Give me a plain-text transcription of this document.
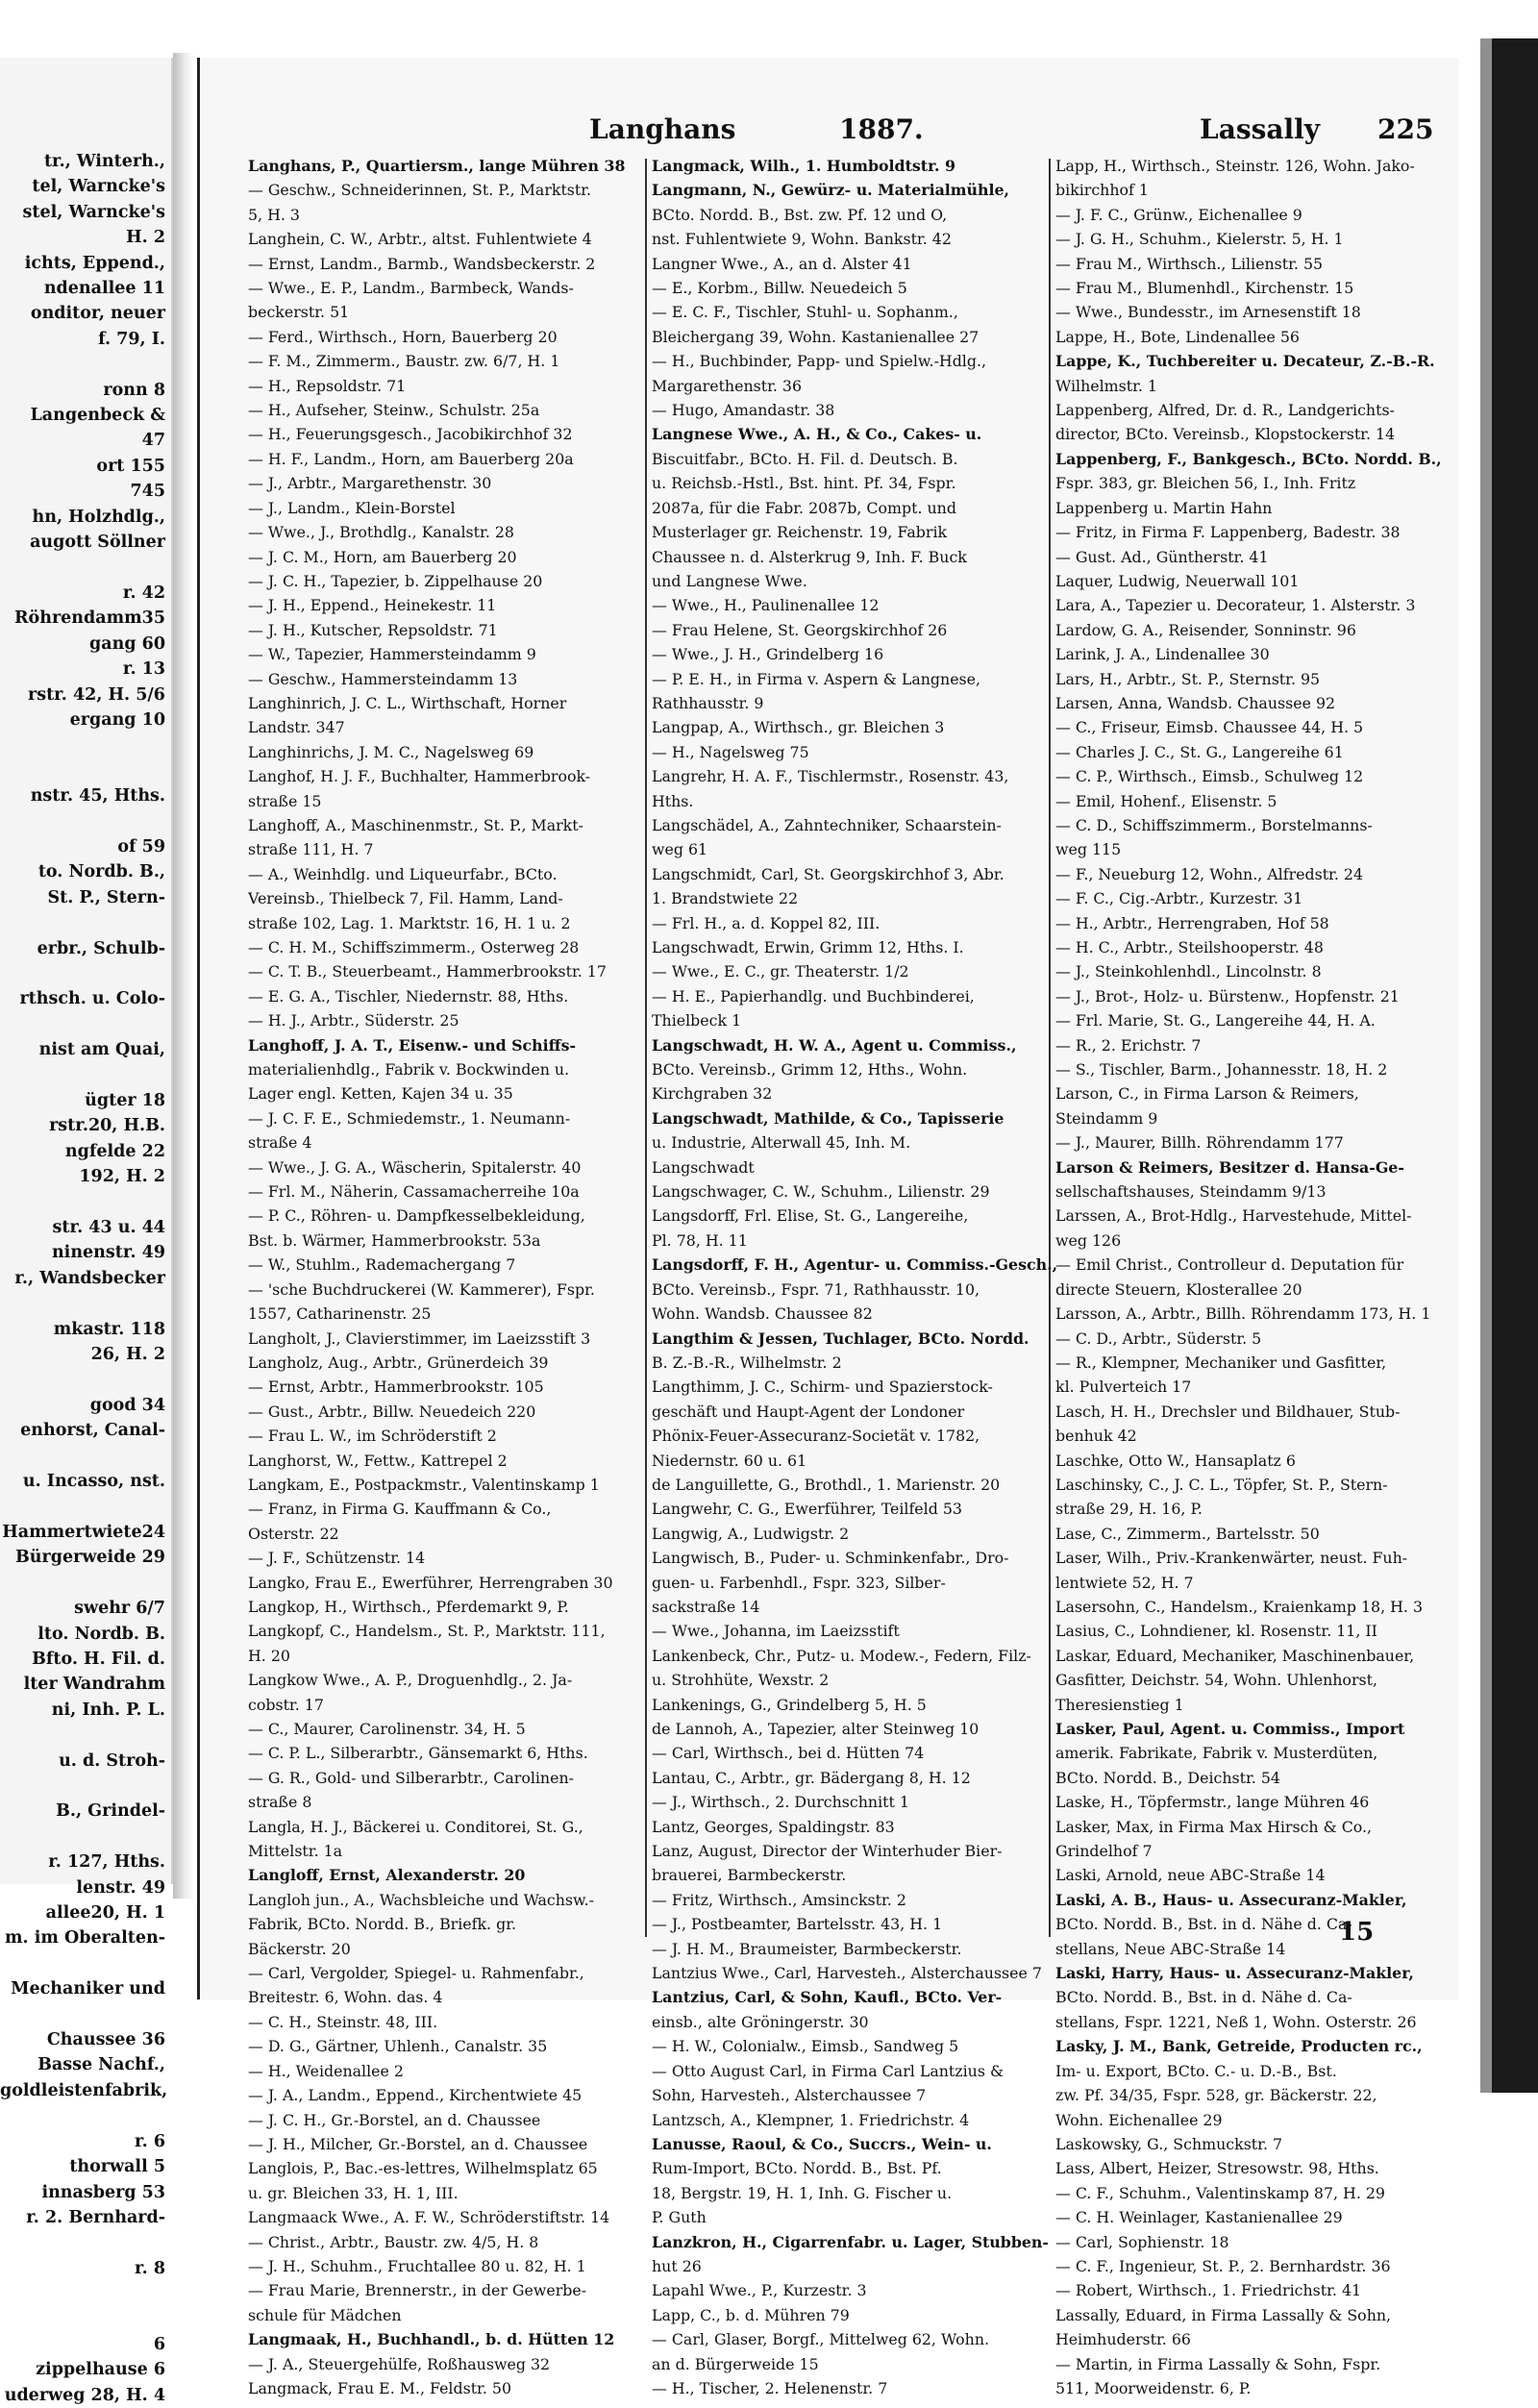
tr., Winterh.,
tel, Warncke's
stel, Warncke's
H. 2
ichts, Eppend.,
ndenallee 11
onditor, neuer
f. 79, I.

ronn 8
Langenbeck &
47
ort 155
745
hn, Holzhdlg.,
augott Söllner

r. 42
Röhrendamm35
gang 60
r. 13
rstr. 42, H. 5/6
ergang 10

nstr. 45, Hths.

of 59
to. Nordb. B.,
St. P., Stern-

erbr., Schulb-

rthsch. u. Colo-

nist am Quai,

ügter 18
rstr.20, H.B.
ngfelde 22
192, H. 2

str. 43 u. 44
ninenstr. 49
r., Wandsbecker

mkastr. 118
26, H. 2

good 34
enhorst, Canal-

u. Incasso, nst.

Hammertwiete24
Bürgerweide 29

swehr 6/7
lto. Nordb. B.
Bfto. H. Fil. d.
lter Wandrahm
ni, Inh. P. L.

u. d. Stroh-

B., Grindel-

r. 127, Hths.
lenstr. 49
allee20, H. 1
m. im Oberalten-

Mechaniker und

Chaussee 36
Basse Nachf.,
goldleistenfabrik,

r. 6
thorwall 5
innasberg 53
r. 2. Bernhard-

r. 8

6
zippelhause 6
uderweg 28, H. 4
Langhans	1887.	Lassally 225
Langhans, P., Quartiersm., lange Mühren 38
— Geschw., Schneiderinnen, St. P., Marktstr.
5, H. 3
Langhein, C. W., Arbtr., altst. Fuhlentwiete 4
— Ernst, Landm., Barmb., Wandsbeckerstr. 2
— Wwe., E. P., Landm., Barmbeck, Wands-
beckerstr. 51
— Ferd., Wirthsch., Horn, Bauerberg 20
— F. M., Zimmerm., Baustr. zw. 6/7, H. 1
— H., Repsoldstr. 71
— H., Aufseher, Steinw., Schulstr. 25a
— H., Feuerungsgesch., Jacobikirchhof 32
— H. F., Landm., Horn, am Bauerberg 20a
— J., Arbtr., Margarethenstr. 30
— J., Landm., Klein-Borstel
— Wwe., J., Brothdlg., Kanalstr. 28
— J. C. M., Horn, am Bauerberg 20
— J. C. H., Tapezier, b. Zippelhause 20
— J. H., Eppend., Heinekestr. 11
— J. H., Kutscher, Repsoldstr. 71
— W., Tapezier, Hammersteindamm 9
— Geschw., Hammersteindamm 13
Langhinrich, J. C. L., Wirthschaft, Horner
Landstr. 347
Langhinrichs, J. M. C., Nagelsweg 69
Langhof, H. J. F., Buchhalter, Hammerbrook-
straße 15
Langhoff, A., Maschinenmstr., St. P., Markt-
straße 111, H. 7
— A., Weinhdlg. und Liqueurfabr., BCto.
Vereinsb., Thielbeck 7, Fil. Hamm, Land-
straße 102, Lag. 1. Marktstr. 16, H. 1 u. 2
— C. H. M., Schiffszimmerm., Osterweg 28
— C. T. B., Steuerbeamt., Hammerbrookstr. 17
— E. G. A., Tischler, Niedernstr. 88, Hths.
— H. J., Arbtr., Süderstr. 25
Langhoff, J. A. T., Eisenw.- und Schiffs-
materialienhdlg., Fabrik v. Bockwinden u.
Lager engl. Ketten, Kajen 34 u. 35
— J. C. F. E., Schmiedemstr., 1. Neumann-
straße 4
— Wwe., J. G. A., Wäscherin, Spitalerstr. 40
— Frl. M., Näherin, Cassamacherreihe 10a
— P. C., Röhren- u. Dampfkesselbekleidung,
Bst. b. Wärmer, Hammerbrookstr. 53a
— W., Stuhlm., Rademachergang 7
— 'sche Buchdruckerei (W. Kammerer), Fspr.
1557, Catharinenstr. 25
Langholt, J., Clavierstimmer, im Laeizsstift 3
Langholz, Aug., Arbtr., Grünerdeich 39
— Ernst, Arbtr., Hammerbrookstr. 105
— Gust., Arbtr., Billw. Neuedeich 220
— Frau L. W., im Schröderstift 2
Langhorst, W., Fettw., Kattrepel 2
Langkam, E., Postpackmstr., Valentinskamp 1
— Franz, in Firma G. Kauffmann & Co.,
Osterstr. 22
— J. F., Schützenstr. 14
Langko, Frau E., Ewerführer, Herrengraben 30
Langkop, H., Wirthsch., Pferdemarkt 9, P.
Langkopf, C., Handelsm., St. P., Marktstr. 111,
H. 20
Langkow Wwe., A. P., Droguenhdlg., 2. Ja-
cobstr. 17
— C., Maurer, Carolinenstr. 34, H. 5
— C. P. L., Silberarbtr., Gänsemarkt 6, Hths.
— G. R., Gold- und Silberarbtr., Carolinen-
straße 8
Langla, H. J., Bäckerei u. Conditorei, St. G.,
Mittelstr. 1a
Langloff, Ernst, Alexanderstr. 20
Langloh jun., A., Wachsbleiche und Wachsw.-
Fabrik, BCto. Nordd. B., Briefk. gr.
Bäckerstr. 20
— Carl, Vergolder, Spiegel- u. Rahmenfabr.,
Breitestr. 6, Wohn. das. 4
— C. H., Steinstr. 48, III.
— D. G., Gärtner, Uhlenh., Canalstr. 35
— H., Weidenallee 2
— J. A., Landm., Eppend., Kirchentwiete 45
— J. C. H., Gr.-Borstel, an d. Chaussee
— J. H., Milcher, Gr.-Borstel, an d. Chaussee
Langlois, P., Bac.-es-lettres, Wilhelmsplatz 65
u. gr. Bleichen 33, H. 1, III.
Langmaack Wwe., A. F. W., Schröderstiftstr. 14
— Christ., Arbtr., Baustr. zw. 4/5, H. 8
— J. H., Schuhm., Fruchtallee 80 u. 82, H. 1
— Frau Marie, Brennerstr., in der Gewerbe-
schule für Mädchen
Langmaak, H., Buchhandl., b. d. Hütten 12
— J. A., Steuergehülfe, Roßhausweg 32
Langmack, Frau E. M., Feldstr. 50
Langmack, Wilh., 1. Humboldtstr. 9
Langmann, N., Gewürz- u. Materialmühle,
BCto. Nordd. B., Bst. zw. Pf. 12 und O,
nst. Fuhlentwiete 9, Wohn. Bankstr. 42
Langner Wwe., A., an d. Alster 41
— E., Korbm., Billw. Neuedeich 5
— E. C. F., Tischler, Stuhl- u. Sophanm.,
Bleichergang 39, Wohn. Kastanienallee 27
— H., Buchbinder, Papp- und Spielw.-Hdlg.,
Margarethenstr. 36
— Hugo, Amandastr. 38
Langnese Wwe., A. H., & Co., Cakes- u.
Biscuitfabr., BCto. H. Fil. d. Deutsch. B.
u. Reichsb.-Hstl., Bst. hint. Pf. 34, Fspr.
2087a, für die Fabr. 2087b, Compt. und
Musterlager gr. Reichenstr. 19, Fabrik
Chaussee n. d. Alsterkrug 9, Inh. F. Buck
und Langnese Wwe.
— Wwe., H., Paulinenallee 12
— Frau Helene, St. Georgskirchhof 26
— Wwe., J. H., Grindelberg 16
— P. E. H., in Firma v. Aspern & Langnese,
Rathhausstr. 9
Langpap, A., Wirthsch., gr. Bleichen 3
— H., Nagelsweg 75
Langrehr, H. A. F., Tischlermstr., Rosenstr. 43,
Hths.
Langschädel, A., Zahntechniker, Schaarstein-
weg 61
Langschmidt, Carl, St. Georgskirchhof 3, Abr.
1. Brandstwiete 22
— Frl. H., a. d. Koppel 82, III.
Langschwadt, Erwin, Grimm 12, Hths. I.
— Wwe., E. C., gr. Theaterstr. 1/2
— H. E., Papierhandlg. und Buchbinderei,
Thielbeck 1
Langschwadt, H. W. A., Agent u. Commiss.,
BCto. Vereinsb., Grimm 12, Hths., Wohn.
Kirchgraben 32
Langschwadt, Mathilde, & Co., Tapisserie
u. Industrie, Alterwall 45, Inh. M.
Langschwadt
Langschwager, C. W., Schuhm., Lilienstr. 29
Langsdorff, Frl. Elise, St. G., Langereihe,
Pl. 78, H. 11
Langsdorff, F. H., Agentur- u. Commiss.-Gesch.,
BCto. Vereinsb., Fspr. 71, Rathhausstr. 10,
Wohn. Wandsb. Chaussee 82
Langthim & Jessen, Tuchlager, BCto. Nordd.
B. Z.-B.-R., Wilhelmstr. 2
Langthimm, J. C., Schirm- und Spazierstock-
geschäft und Haupt-Agent der Londoner
Phönix-Feuer-Assecuranz-Societät v. 1782,
Niedernstr. 60 u. 61
de Languillette, G., Brothdl., 1. Marienstr. 20
Langwehr, C. G., Ewerführer, Teilfeld 53
Langwig, A., Ludwigstr. 2
Langwisch, B., Puder- u. Schminkenfabr., Dro-
guen- u. Farbenhdl., Fspr. 323, Silber-
sackstraße 14
— Wwe., Johanna, im Laeizsstift
Lankenbeck, Chr., Putz- u. Modew.-, Federn, Filz-
u. Strohhüte, Wexstr. 2
Lankenings, G., Grindelberg 5, H. 5
de Lannoh, A., Tapezier, alter Steinweg 10
— Carl, Wirthsch., bei d. Hütten 74
Lantau, C., Arbtr., gr. Bädergang 8, H. 12
— J., Wirthsch., 2. Durchschnitt 1
Lantz, Georges, Spaldingstr. 83
Lanz, August, Director der Winterhuder Bier-
brauerei, Barmbeckerstr.
— Fritz, Wirthsch., Amsinckstr. 2
— J., Postbeamter, Bartelsstr. 43, H. 1
— J. H. M., Braumeister, Barmbeckerstr.
Lantzius Wwe., Carl, Harvesteh., Alsterchaussee 7
Lantzius, Carl, & Sohn, Kaufl., BCto. Ver-
einsb., alte Gröningerstr. 30
— H. W., Colonialw., Eimsb., Sandweg 5
— Otto August Carl, in Firma Carl Lantzius &
Sohn, Harvesteh., Alsterchaussee 7
Lantzsch, A., Klempner, 1. Friedrichstr. 4
Lanusse, Raoul, & Co., Succrs., Wein- u.
Rum-Import, BCto. Nordd. B., Bst. Pf.
18, Bergstr. 19, H. 1, Inh. G. Fischer u.
P. Guth
Lanzkron, H., Cigarrenfabr. u. Lager, Stubben-
hut 26
Lapahl Wwe., P., Kurzestr. 3
Lapp, C., b. d. Mühren 79
— Carl, Glaser, Borgf., Mittelweg 62, Wohn.
an d. Bürgerweide 15
— H., Tischer, 2. Helenenstr. 7
Lapp, H., Wirthsch., Steinstr. 126, Wohn. Jako-
bikirchhof 1
— J. F. C., Grünw., Eichenallee 9
— J. G. H., Schuhm., Kielerstr. 5, H. 1
— Frau M., Wirthsch., Lilienstr. 55
— Frau M., Blumenhdl., Kirchenstr. 15
— Wwe., Bundesstr., im Arnesenstift 18
Lappe, H., Bote, Lindenallee 56
Lappe, K., Tuchbereiter u. Decateur, Z.-B.-R.
Wilhelmstr. 1
Lappenberg, Alfred, Dr. d. R., Landgerichts-
director, BCto. Vereinsb., Klopstockerstr. 14
Lappenberg, F., Bankgesch., BCto. Nordd. B.,
Fspr. 383, gr. Bleichen 56, I., Inh. Fritz
Lappenberg u. Martin Hahn
— Fritz, in Firma F. Lappenberg, Badestr. 38
— Gust. Ad., Güntherstr. 41
Laquer, Ludwig, Neuerwall 101
Lara, A., Tapezier u. Decorateur, 1. Alsterstr. 3
Lardow, G. A., Reisender, Sonninstr. 96
Larink, J. A., Lindenallee 30
Lars, H., Arbtr., St. P., Sternstr. 95
Larsen, Anna, Wandsb. Chaussee 92
— C., Friseur, Eimsb. Chaussee 44, H. 5
— Charles J. C., St. G., Langereihe 61
— C. P., Wirthsch., Eimsb., Schulweg 12
— Emil, Hohenf., Elisenstr. 5
— C. D., Schiffszimmerm., Borstelmanns-
weg 115
— F., Neueburg 12, Wohn., Alfredstr. 24
— F. C., Cig.-Arbtr., Kurzestr. 31
— H., Arbtr., Herrengraben, Hof 58
— H. C., Arbtr., Steilshooperstr. 48
— J., Steinkohlenhdl., Lincolnstr. 8
— J., Brot-, Holz- u. Bürstenw., Hopfenstr. 21
— Frl. Marie, St. G., Langereihe 44, H. A.
— R., 2. Erichstr. 7
— S., Tischler, Barm., Johannesstr. 18, H. 2
Larson, C., in Firma Larson & Reimers,
Steindamm 9
— J., Maurer, Billh. Röhrendamm 177
Larson & Reimers, Besitzer d. Hansa-Ge-
sellschaftshauses, Steindamm 9/13
Larssen, A., Brot-Hdlg., Harvestehude, Mittel-
weg 126
— Emil Christ., Controlleur d. Deputation für
directe Steuern, Klosterallee 20
Larsson, A., Arbtr., Billh. Röhrendamm 173, H. 1
— C. D., Arbtr., Süderstr. 5
— R., Klempner, Mechaniker und Gasfitter,
kl. Pulverteich 17
Lasch, H. H., Drechsler und Bildhauer, Stub-
benhuk 42
Laschke, Otto W., Hansaplatz 6
Laschinsky, C., J. C. L., Töpfer, St. P., Stern-
straße 29, H. 16, P.
Lase, C., Zimmerm., Bartelsstr. 50
Laser, Wilh., Priv.-Krankenwärter, neust. Fuh-
lentwiete 52, H. 7
Lasersohn, C., Handelsm., Kraienkamp 18, H. 3
Lasius, C., Lohndiener, kl. Rosenstr. 11, II
Laskar, Eduard, Mechaniker, Maschinenbauer,
Gasfitter, Deichstr. 54, Wohn. Uhlenhorst,
Theresienstieg 1
Lasker, Paul, Agent. u. Commiss., Import
amerik. Fabrikate, Fabrik v. Musterdüten,
BCto. Nordd. B., Deichstr. 54
Laske, H., Töpfermstr., lange Mühren 46
Lasker, Max, in Firma Max Hirsch & Co.,
Grindelhof 7
Laski, Arnold, neue ABC-Straße 14
Laski, A. B., Haus- u. Assecuranz-Makler,
BCto. Nordd. B., Bst. in d. Nähe d. Ca-
stellans, Neue ABC-Straße 14
Laski, Harry, Haus- u. Assecuranz-Makler,
BCto. Nordd. B., Bst. in d. Nähe d. Ca-
stellans, Fspr. 1221, Neß 1, Wohn. Osterstr. 26
Lasky, J. M., Bank, Getreide, Producten rc.,
Im- u. Export, BCto. C.- u. D.-B., Bst.
zw. Pf. 34/35, Fspr. 528, gr. Bäckerstr. 22,
Wohn. Eichenallee 29
Laskowsky, G., Schmuckstr. 7
Lass, Albert, Heizer, Stresowstr. 98, Hths.
— C. F., Schuhm., Valentinskamp 87, H. 29
— C. H. Weinlager, Kastanienallee 29
— Carl, Sophienstr. 18
— C. F., Ingenieur, St. P., 2. Bernhardstr. 36
— Robert, Wirthsch., 1. Friedrichstr. 41
Lassally, Eduard, in Firma Lassally & Sohn,
Heimhuderstr. 66
— Martin, in Firma Lassally & Sohn, Fspr.
511, Moorweidenstr. 6, P.
15
